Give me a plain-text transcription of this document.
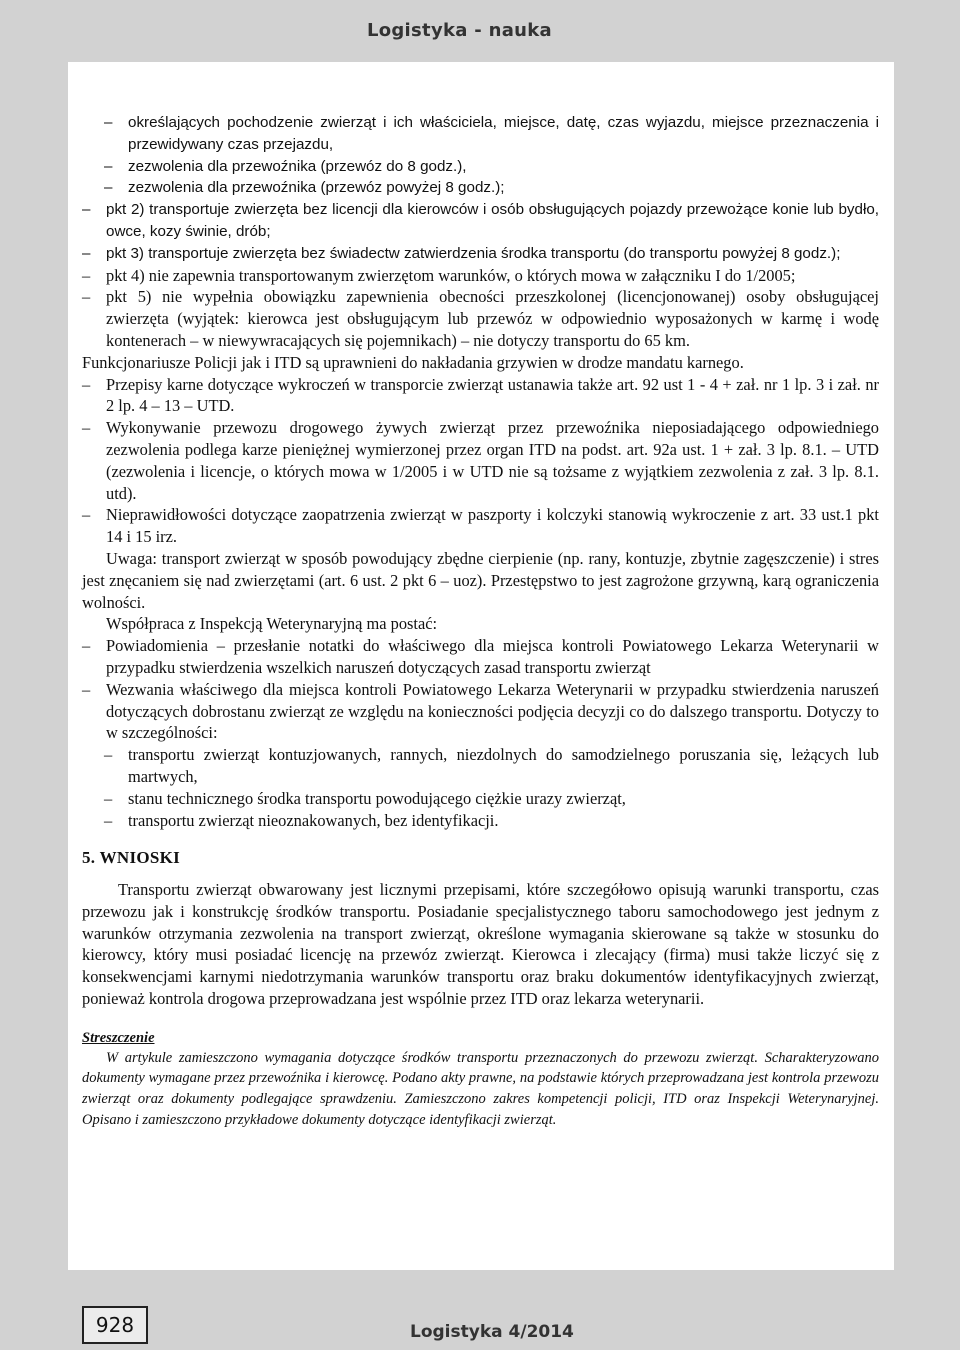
Logistyka - nauka
– określających pochodzenie zwierząt i ich właściciela, miejsce, datę, czas wyjazdu, miejsce przeznaczenia i przewidywany czas przejazdu,
– zezwolenia dla przewoźnika (przewóz do 8 godz.),
– zezwolenia dla przewoźnika (przewóz powyżej 8 godz.);
– pkt 2) transportuje zwierzęta bez licencji dla kierowców i osób obsługujących pojazdy przewożące konie lub bydło, owce, kozy świnie, drób;
– pkt 3) transportuje zwierzęta bez świadectw zatwierdzenia środka transportu (do transportu powyżej 8 godz.);
– pkt 4) nie zapewnia transportowanym zwierzętom warunków, o których mowa w załączniku I do 1/2005;
– pkt 5) nie wypełnia obowiązku zapewnienia obecności przeszkolonej (licencjonowanej) osoby obsługującej zwierzęta (wyjątek: kierowca jest obsługującym lub przewóz w odpowiednio wyposażonych w karmę i wodę kontenerach – w niewywracających się pojemnikach) – nie dotyczy transportu do 65 km.
Funkcjonariusze Policji jak i ITD są uprawnieni do nakładania grzywien w drodze mandatu karnego.
– Przepisy karne dotyczące wykroczeń w transporcie zwierząt ustanawia także art. 92 ust 1 - 4 + zał. nr 1 lp. 3 i zał. nr 2 lp. 4 – 13 – UTD.
– Wykonywanie przewozu drogowego żywych zwierząt przez przewoźnika nieposiadającego odpowiedniego zezwolenia podlega karze pieniężnej wymierzonej przez organ ITD na podst. art. 92a ust. 1 + zał. 3 lp. 8.1. – UTD (zezwolenia i licencje, o których mowa w 1/2005 i w UTD nie są tożsame z wyjątkiem zezwolenia z zał. 3 lp. 8.1. utd).
– Nieprawidłowości dotyczące zaopatrzenia zwierząt w paszporty i kolczyki stanowią wykroczenie z art. 33 ust.1 pkt 14 i 15 irz.
Uwaga: transport zwierząt w sposób powodujący zbędne cierpienie (np. rany, kontuzje, zbytnie zagęszczenie) i stres jest znęcaniem się nad zwierzętami (art. 6 ust. 2 pkt 6 – uoz). Przestępstwo to jest zagrożone grzywną, karą ograniczenia wolności.
Współpraca z Inspekcją Weterynaryjną ma postać:
– Powiadomienia – przesłanie notatki do właściwego dla miejsca kontroli Powiatowego Lekarza Weterynarii w przypadku stwierdzenia wszelkich naruszeń dotyczących zasad transportu zwierząt
– Wezwania właściwego dla miejsca kontroli Powiatowego Lekarza Weterynarii w przypadku stwierdzenia naruszeń dotyczących dobrostanu zwierząt ze względu na konieczności podjęcia decyzji co do dalszego transportu. Dotyczy to w szczególności:
– transportu zwierząt kontuzjowanych, rannych, niezdolnych do samodzielnego poruszania się, leżących lub martwych,
– stanu technicznego środka transportu powodującego ciężkie urazy zwierząt,
– transportu zwierząt nieoznakowanych, bez identyfikacji.
5. WNIOSKI
Transportu zwierząt obwarowany jest licznymi przepisami, które szczegółowo opisują warunki transportu, czas przewozu jak i konstrukcję środków transportu. Posiadanie specjalistycznego taboru samochodowego jest jednym z warunków otrzymania zezwolenia na transport zwierząt, określone wymagania skierowane są także w stosunku do kierowcy, który musi posiadać licencję na przewóz zwierząt. Kierowca i zlecający (firma) musi także liczyć się z konsekwencjami karnymi niedotrzymania warunków transportu oraz braku dokumentów identyfikacyjnych zwierząt, ponieważ kontrola drogowa przeprowadzana jest wspólnie przez ITD oraz lekarza weterynarii.
Streszczenie
W artykule zamieszczono wymagania dotyczące środków transportu przeznaczonych do przewozu zwierząt. Scharakteryzowano dokumenty wymagane przez przewoźnika i kierowcę. Podano akty prawne, na podstawie których przeprowadzana jest kontrola przewozu zwierząt oraz dokumenty podlegające sprawdzeniu. Zamieszczono zakres kompetencji policji, ITD oraz Inspekcji Weterynaryjnej. Opisano i zamieszczono przykładowe dokumenty dotyczące identyfikacji zwierząt.
928	Logistyka 4/2014
